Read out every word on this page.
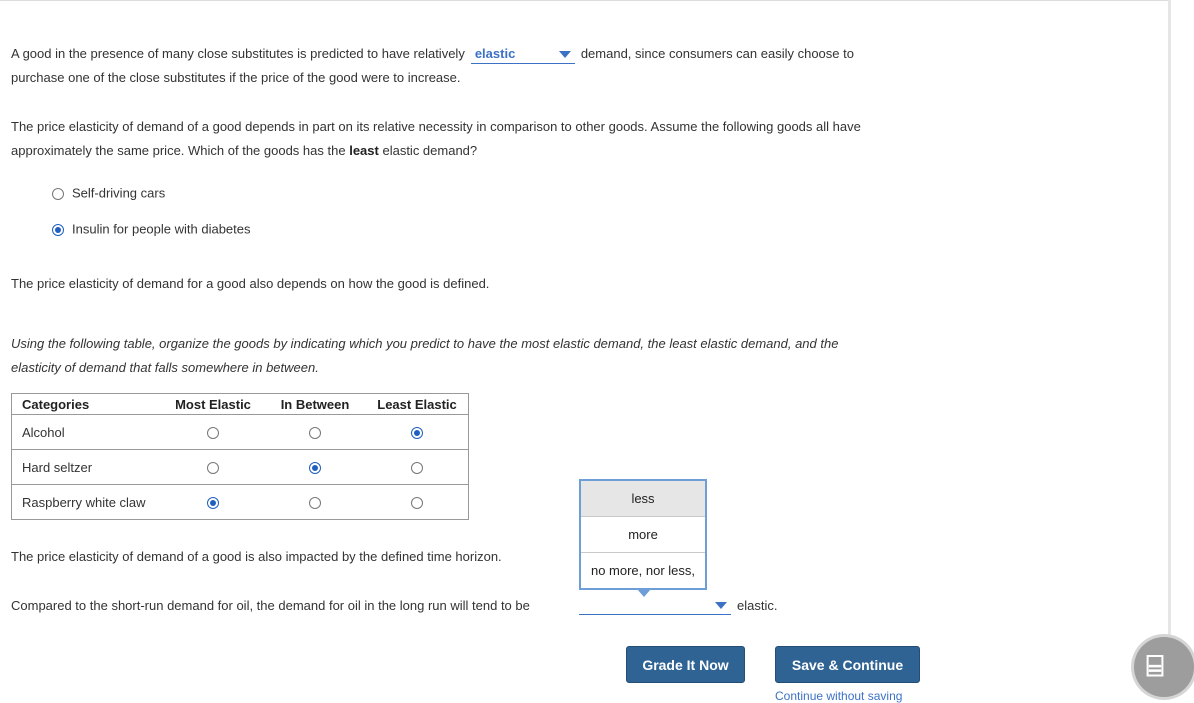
A good in the presence of many close substitutes is predicted to have relatively elastic	demand, since consumers can easily choose to

purchase one of the close substitutes if the price of the good were to increase.

The price elasticity of demand of a good depends in part on its relative necessity in comparison to other goods. Assume the following goods all have

approximately the same price. Which of the goods has the least elastic demand?

Self-driving cars
Insulin for people with diabetes

The price elasticity of demand for a good also depends on how the good is defined.

Using the following table, organize the goods by indicating which you predict to have the most elastic demand, the least elastic demand, and the

elasticity of demand that falls somewhere in between.

Categories	Most Elastic	In Between	Least Elastic
Alcohol			
Hard seltzer			
Raspberry white claw			

The price elasticity of demand of a good is also impacted by the defined time horizon.

Compared to the short-run demand for oil, the demand for oil in the long run will tend to be	elastic.

less
more
no more, nor less,
Grade It Now	Save & Continue
Continue without saving
⌸
